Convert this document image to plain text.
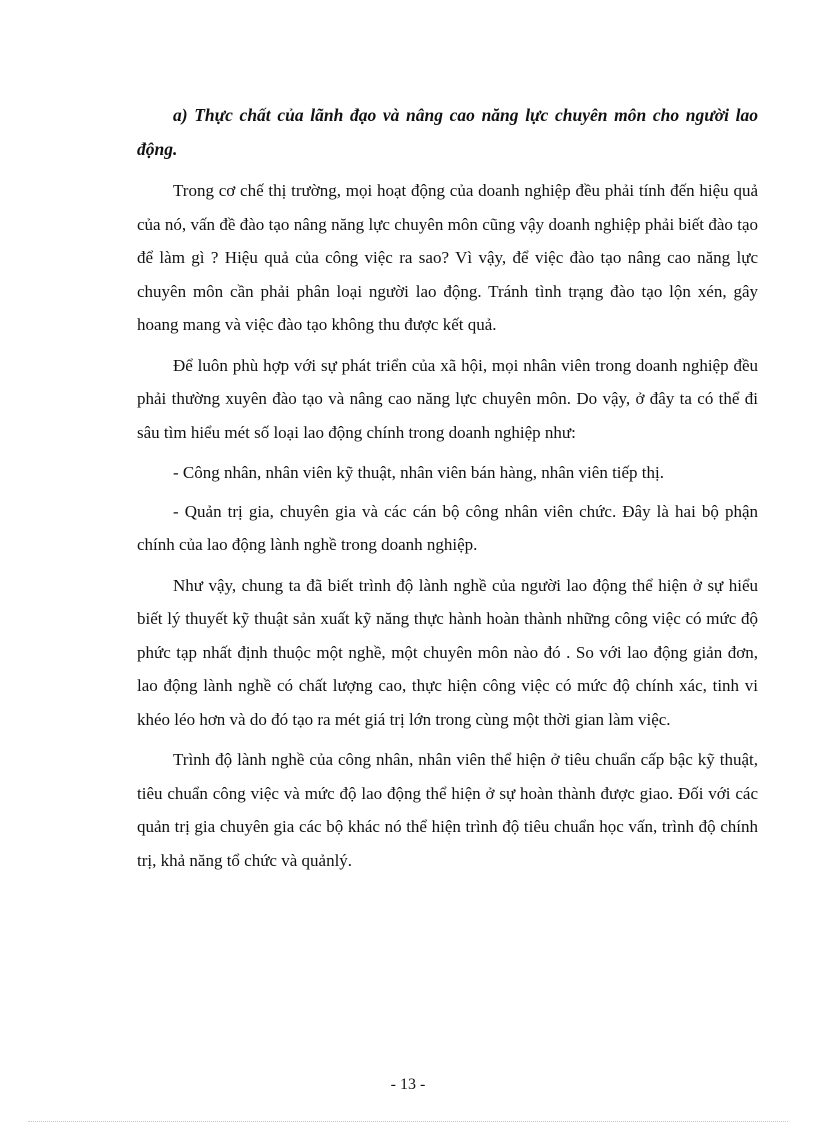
a) Thực chất của lãnh đạo và nâng cao năng lực chuyên môn cho người lao động.

Trong cơ chế thị trường, mọi hoạt động của doanh nghiệp đều phải tính đến hiệu quả của nó, vấn đề đào tạo nâng năng lực chuyên môn cũng vậy doanh nghiệp phải biết đào tạo để làm gì ? Hiệu quả của công việc ra sao? Vì vậy, để việc đào tạo nâng cao năng lực chuyên môn cần phải phân loại người lao động. Tránh tình trạng đào tạo lộn xén, gây hoang mang và việc đào tạo không thu được kết quả.

Để luôn phù hợp với sự phát triển của xã hội, mọi nhân viên trong doanh nghiệp đều phải thường xuyên đào tạo và nâng cao năng lực chuyên môn. Do vậy, ở đây ta có thể đi sâu tìm hiểu mét số loại lao động chính trong doanh nghiệp như:

- Công nhân, nhân viên kỹ thuật, nhân viên bán hàng, nhân viên tiếp thị.

- Quản trị gia, chuyên gia và các cán bộ công nhân viên chức. Đây là hai bộ phận chính của lao động lành nghề trong doanh nghiệp.

Như vậy, chung ta đã biết trình độ lành nghề của người lao động thể hiện ở sự hiểu biết lý thuyết kỹ thuật sản xuất kỹ năng thực hành hoàn thành những công việc có mức độ phức tạp nhất định thuộc một nghề, một chuyên môn nào đó . So với lao động giản đơn, lao động lành nghề có chất lượng cao, thực hiện công việc có mức độ chính xác, tinh vi khéo léo hơn và do đó tạo ra mét giá trị lớn trong cùng một thời gian làm việc.

Trình độ lành nghề của công nhân, nhân viên thể hiện ở tiêu chuẩn cấp bậc kỹ thuật, tiêu chuẩn công việc và mức độ lao động thể hiện ở sự hoàn thành được giao. Đối với các quản trị gia chuyên gia các bộ khác nó thể hiện trình độ tiêu chuẩn học vấn, trình độ chính trị, khả năng tổ chức và quảnlý.

- 13 -
